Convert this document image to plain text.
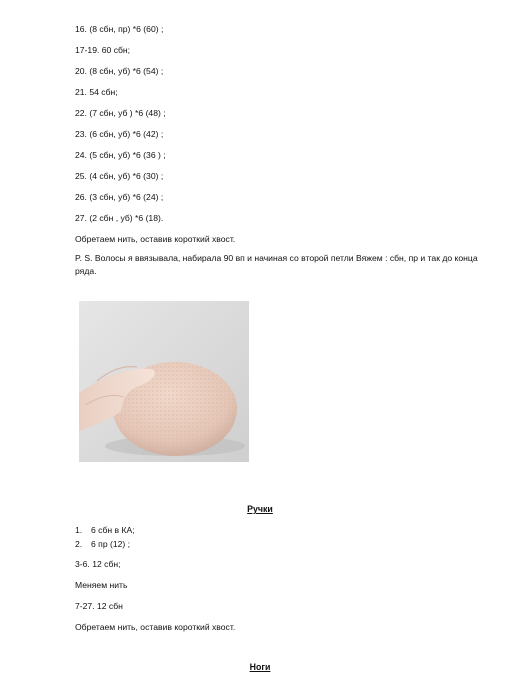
16. (8 сбн, пр) *6 (60) ;
17-19. 60 сбн;
20. (8 сбн, уб) *6 (54) ;
21. 54 сбн;
22. (7 сбн, уб ) *6 (48) ;
23. (6 сбн, уб) *6 (42) ;
24. (5 сбн, уб) *6 (36 ) ;
25. (4 сбн, уб) *6 (30) ;
26. (3 сбн, уб) *6 (24) ;
27. (2 сбн , уб) *6 (18).
Обретаем нить, оставив короткий хвост.
P. S. Волосы я ввязывала, набирала 90 вп и начиная со второй петли Вяжем : сбн, пр и так до конца ряда.
Ручки
1. 6 сбн в КА;
2. 6 пр (12) ;
3-6. 12 сбн;
Меняем нить
7-27. 12 сбн
Обретаем нить, оставив короткий хвост.
Ноги
